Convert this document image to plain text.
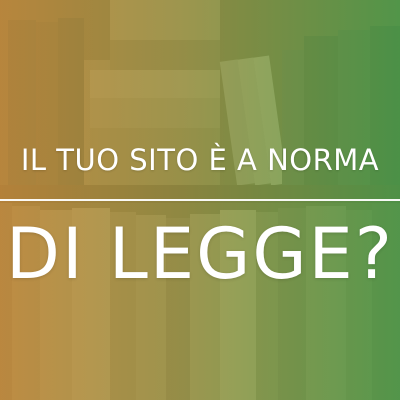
IL TUO SITO È A NORMA
DI LEGGE?
